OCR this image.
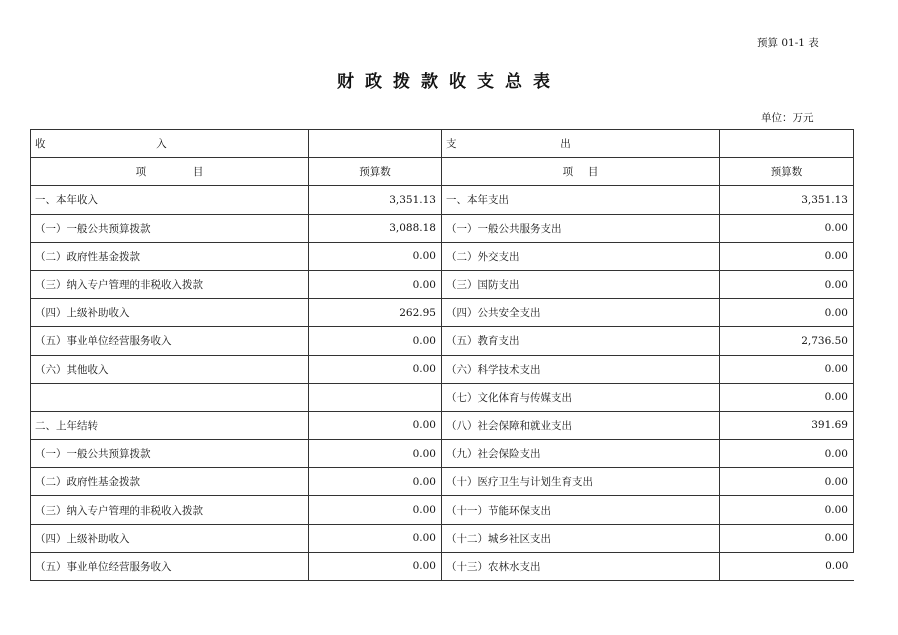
预算 01-1 表
财政拨款收支总表
单位：万元
收 入		支 出	
项 目	预算数	项 目	预算数
一、本年收入	3,351.13	一、本年支出	3,351.13
（一）一般公共预算拨款	3,088.18	（一）一般公共服务支出	0.00
（二）政府性基金拨款	0.00	（二）外交支出	0.00
（三）纳入专户管理的非税收入拨款	0.00	（三）国防支出	0.00
（四）上级补助收入	262.95	（四）公共安全支出	0.00
（五）事业单位经营服务收入	0.00	（五）教育支出	2,736.50
（六）其他收入	0.00	（六）科学技术支出	0.00
		（七）文化体育与传媒支出	0.00
二、上年结转	0.00	（八）社会保障和就业支出	391.69
（一）一般公共预算拨款	0.00	（九）社会保险支出	0.00
（二）政府性基金拨款	0.00	（十）医疗卫生与计划生育支出	0.00
（三）纳入专户管理的非税收入拨款	0.00	（十一）节能环保支出	0.00
（四）上级补助收入	0.00	（十二）城乡社区支出	0.00
（五）事业单位经营服务收入	0.00	（十三）农林水支出	0.00
